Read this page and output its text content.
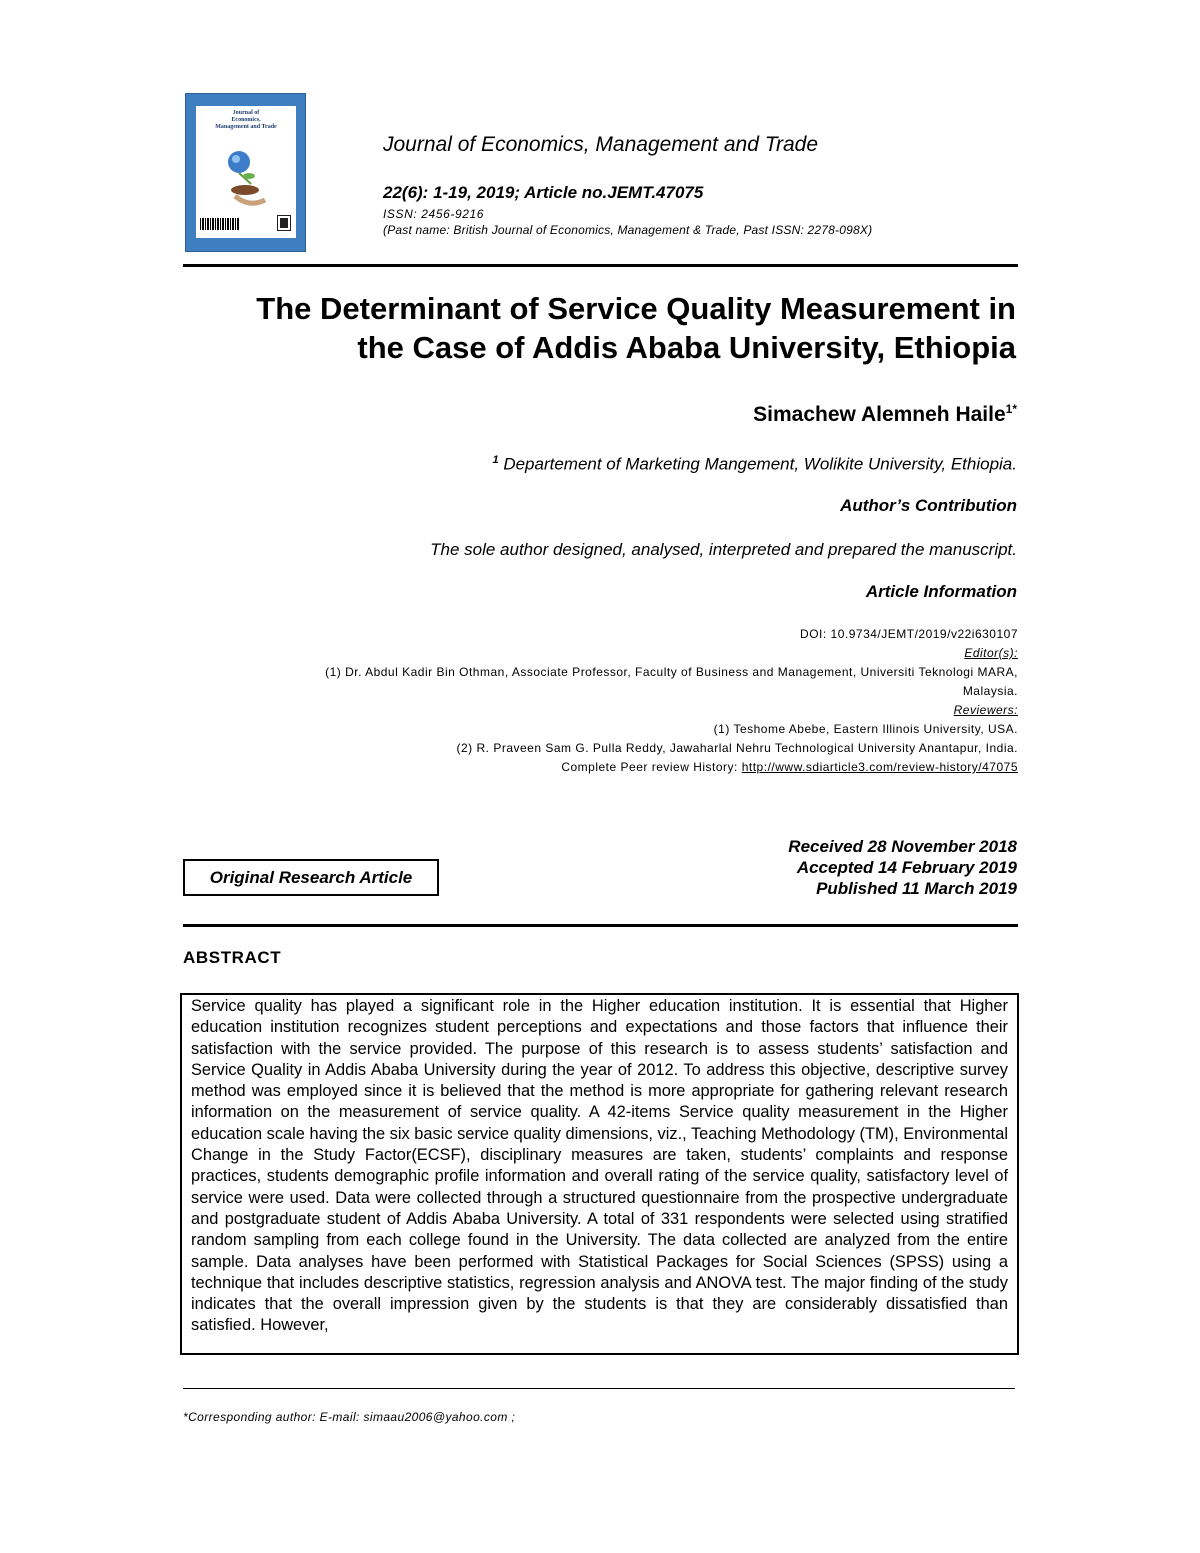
Journal of
Economics,
Management and Trade
Journal of Economics, Management and Trade
22(6): 1-19, 2019; Article no.JEMT.47075
ISSN: 2456-9216
(Past name: British Journal of Economics, Management & Trade, Past ISSN: 2278-098X)
The Determinant of Service Quality Measurement in
the Case of Addis Ababa University, Ethiopia
Simachew Alemneh Haile$^{1*}$
$^1$ Departement of Marketing Mangement, Wolikite University, Ethiopia.
Author’s Contribution
The sole author designed, analysed, interpreted and prepared the manuscript.
Article Information
DOI: 10.9734/JEMT/2019/v22i630107
Editor(s):
(1) Dr. Abdul Kadir Bin Othman, Associate Professor, Faculty of Business and Management, Universiti Teknologi MARA,
Malaysia.
Reviewers:
(1) Teshome Abebe, Eastern Illinois University, USA.
(2) R. Praveen Sam G. Pulla Reddy, Jawaharlal Nehru Technological University Anantapur, India.
Complete Peer review History: http://www.sdiarticle3.com/review-history/47075
Original Research Article
Received 28 November 2018
Accepted 14 February 2019
Published 11 March 2019
ABSTRACT
Service quality has played a significant role in the Higher education institution. It is essential that Higher education institution recognizes student perceptions and expectations and those factors that influence their satisfaction with the service provided. The purpose of this research is to assess students’ satisfaction and Service Quality in Addis Ababa University during the year of 2012. To address this objective, descriptive survey method was employed since it is believed that the method is more appropriate for gathering relevant research information on the measurement of service quality. A 42-items Service quality measurement in the Higher education scale having the six basic service quality dimensions, viz., Teaching Methodology (TM), Environmental Change in the Study Factor(ECSF), disciplinary measures are taken, students’ complaints and response practices, students demographic profile information and overall rating of the service quality, satisfactory level of service were used. Data were collected through a structured questionnaire from the prospective undergraduate and postgraduate student of Addis Ababa University. A total of 331 respondents were selected using stratified random sampling from each college found in the University. The data collected are analyzed from the entire sample. Data analyses have been performed with Statistical Packages for Social Sciences (SPSS) using a technique that includes descriptive statistics, regression analysis and ANOVA test. The major finding of the study indicates that the overall impression given by the students is that they are considerably dissatisfied than satisfied. However,
*Corresponding author: E-mail: simaau2006@yahoo.com ;
